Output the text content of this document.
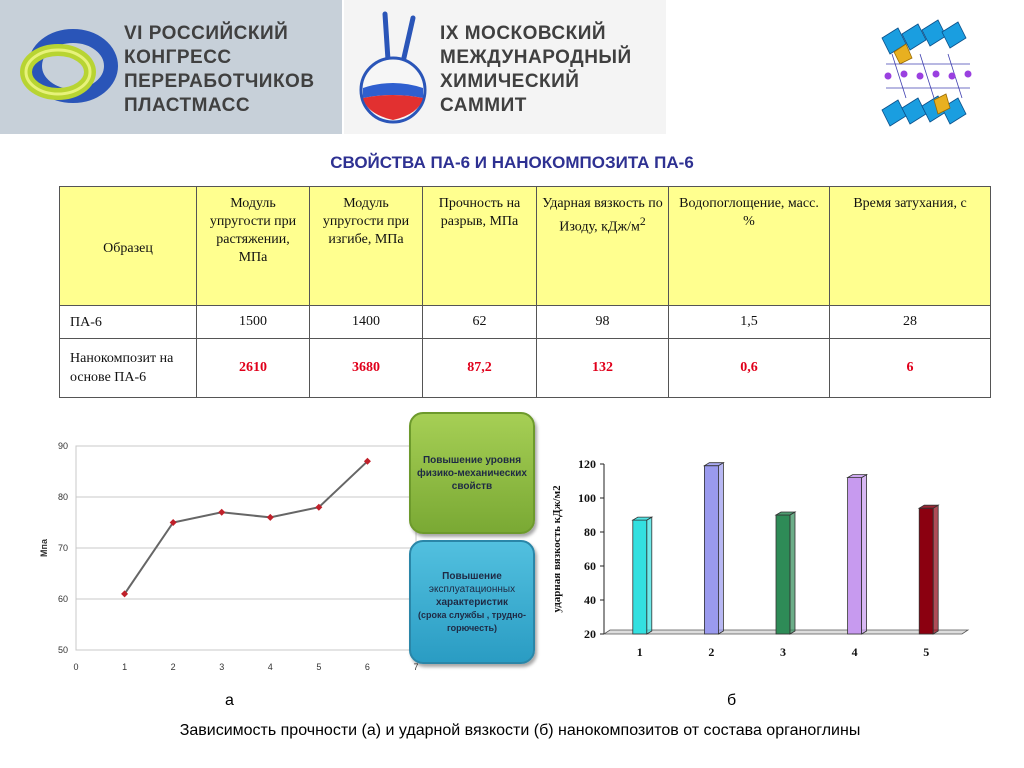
VI РОССИЙСКИЙ
КОНГРЕСС
ПЕРЕРАБОТЧИКОВ
ПЛАСТМАСС
IX МОСКОВСКИЙ
МЕЖДУНАРОДНЫЙ
ХИМИЧЕСКИЙ
САММИТ
СВОЙСТВА ПА-6 И НАНОКОМПОЗИТА ПА-6
Образец	Модуль упругости при растяжении, МПа	Модуль упругости при изгибе, МПа	Прочность на разрыв, МПа	Ударная вязкость по Изоду, кДж/$м^2$	Водопоглощение, масс. %	Время затухания, с
ПА-6	1500	1400	62	98	1,5	28
Нанокомпозит на основе ПА-6	2610	3680	87,2	132	0,6	6
50
60
70
80
90
0	1	2	3	4	5	6	7
Мпа
Повышение уровня физико-механических свойств
Повышение
эксплуатационных
характеристик
(срока службы , трудно-горючесть)	20
40
60
80
100
120
ударная вязкость кДж/м2
1	2	3	4	5
а	б
Зависимость прочности (а) и ударной вязкости (б) нанокомпозитов от состава органоглины
